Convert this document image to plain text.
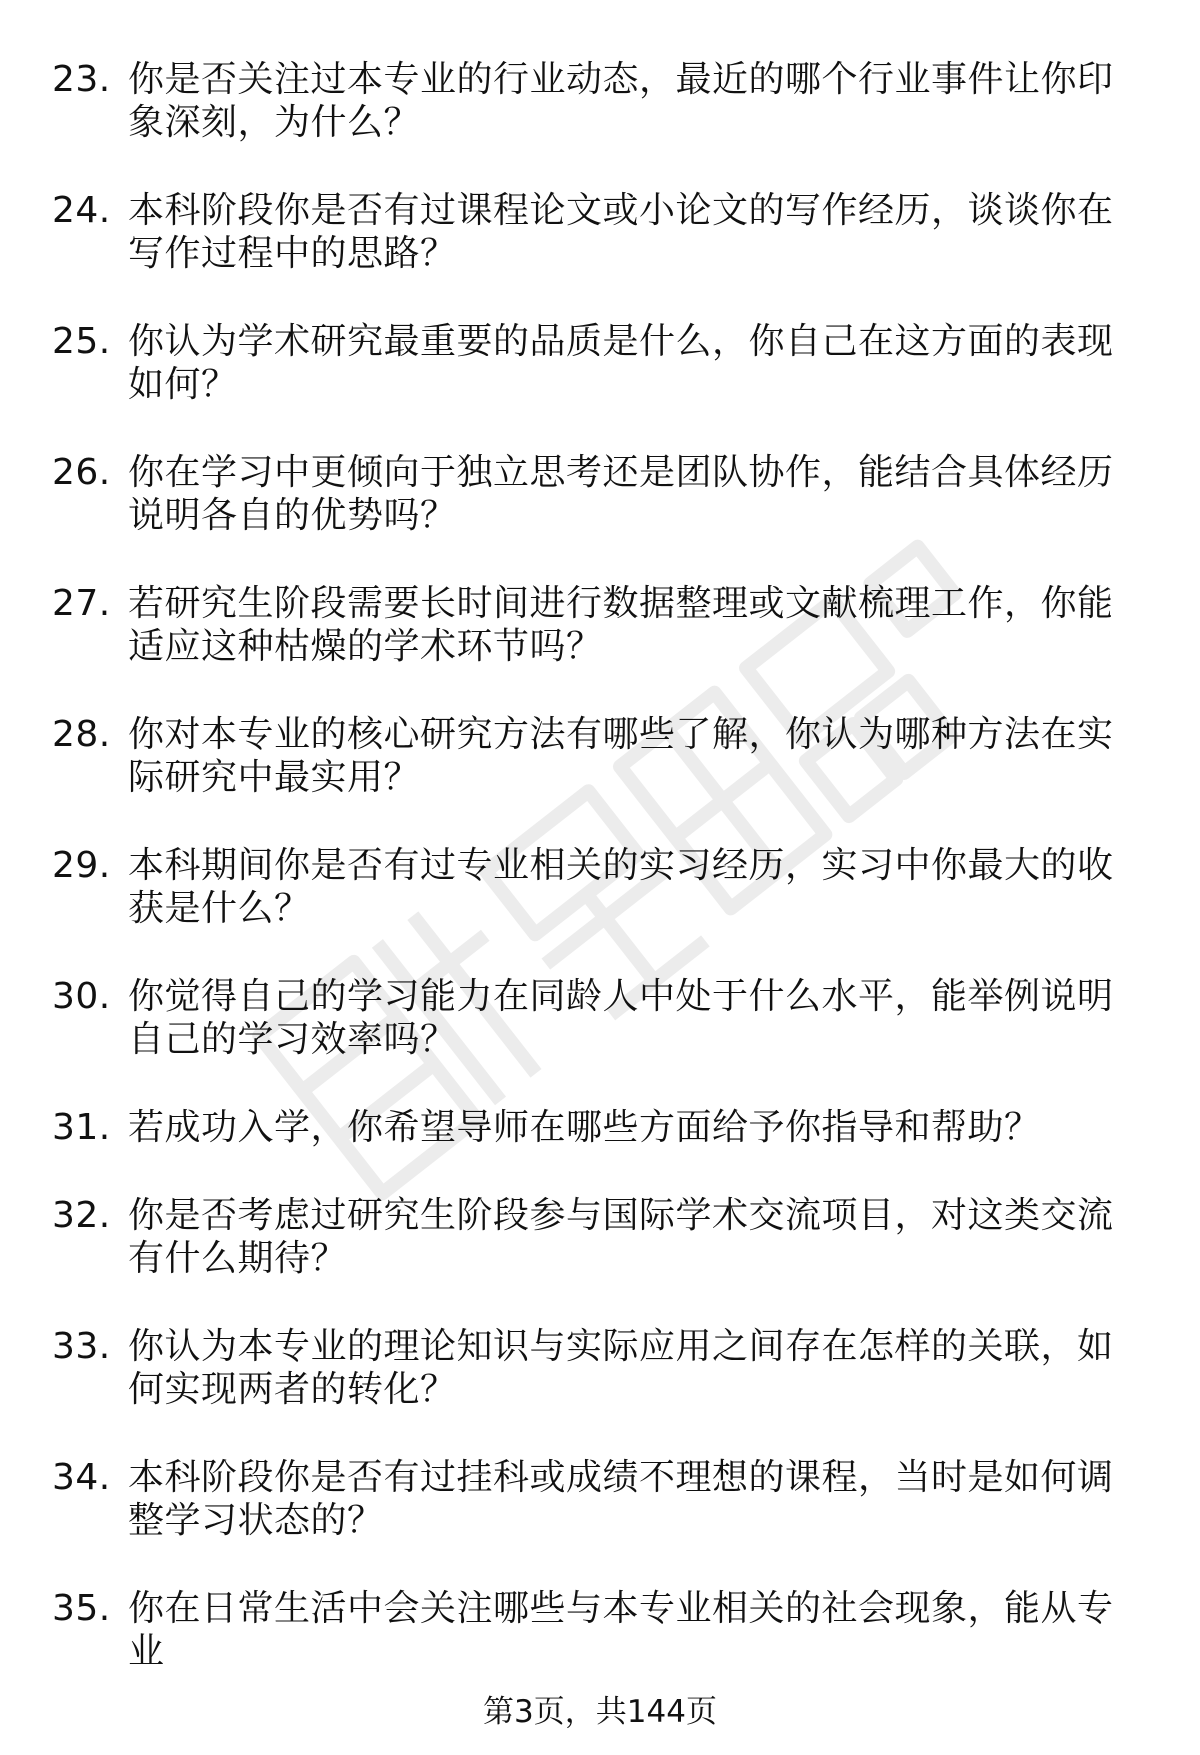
23. 你是否关注过本专业的行业动态，最近的哪个行业事件让你印象深刻，为什么？
24. 本科阶段你是否有过课程论文或小论文的写作经历，谈谈你在写作过程中的思路？
25. 你认为学术研究最重要的品质是什么，你自己在这方面的表现如何？
26. 你在学习中更倾向于独立思考还是团队协作，能结合具体经历说明各自的优势吗？
27. 若研究生阶段需要长时间进行数据整理或文献梳理工作，你能适应这种枯燥的学术环节吗？
28. 你对本专业的核心研究方法有哪些了解，你认为哪种方法在实际研究中最实用？
29. 本科期间你是否有过专业相关的实习经历，实习中你最大的收获是什么？
30. 你觉得自己的学习能力在同龄人中处于什么水平，能举例说明自己的学习效率吗？
31. 若成功入学，你希望导师在哪些方面给予你指导和帮助？
32. 你是否考虑过研究生阶段参与国际学术交流项目，对这类交流有什么期待？
33. 你认为本专业的理论知识与实际应用之间存在怎样的关联，如何实现两者的转化？
34. 本科阶段你是否有过挂科或成绩不理想的课程，当时是如何调整学习状态的？
35. 你在日常生活中会关注哪些与本专业相关的社会现象，能从专业
第3页，共144页
